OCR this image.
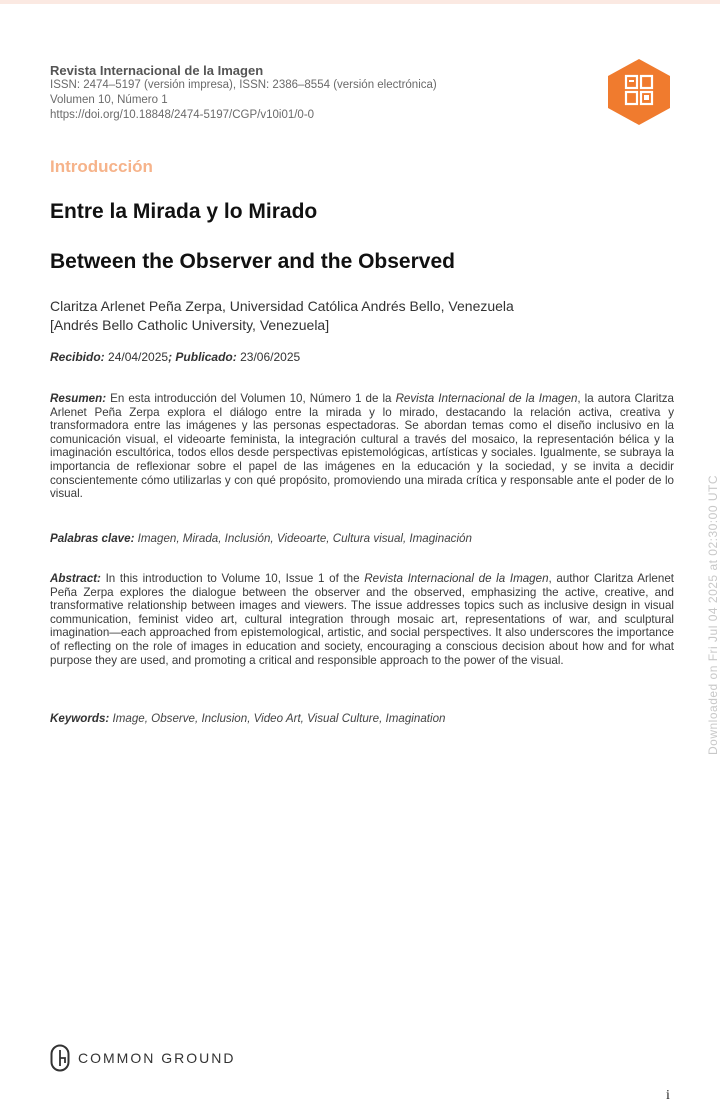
Revista Internacional de la Imagen
ISSN: 2474–5197 (versión impresa), ISSN: 2386–8554 (versión electrónica)
Volumen 10, Número 1
https://doi.org/10.18848/2474-5197/CGP/v10i01/0-0
Introducción
Entre la Mirada y lo Mirado
Between the Observer and the Observed
Claritza Arlenet Peña Zerpa, Universidad Católica Andrés Bello, Venezuela
[Andrés Bello Catholic University, Venezuela]
Recibido: 24/04/2025; Publicado: 23/06/2025
Resumen: En esta introducción del Volumen 10, Número 1 de la Revista Internacional de la Imagen, la autora Claritza Arlenet Peña Zerpa explora el diálogo entre la mirada y lo mirado, destacando la relación activa, creativa y transformadora entre las imágenes y las personas espectadoras. Se abordan temas como el diseño inclusivo en la comunicación visual, el videoarte feminista, la integración cultural a través del mosaico, la representación bélica y la imaginación escultórica, todos ellos desde perspectivas epistemológicas, artísticas y sociales. Igualmente, se subraya la importancia de reflexionar sobre el papel de las imágenes en la educación y la sociedad, y se invita a decidir conscientemente cómo utilizarlas y con qué propósito, promoviendo una mirada crítica y responsable ante el poder de lo visual.
Palabras clave: Imagen, Mirada, Inclusión, Videoarte, Cultura visual, Imaginación
Abstract: In this introduction to Volume 10, Issue 1 of the Revista Internacional de la Imagen, author Claritza Arlenet Peña Zerpa explores the dialogue between the observer and the observed, emphasizing the active, creative, and transformative relationship between images and viewers. The issue addresses topics such as inclusive design in visual communication, feminist video art, cultural integration through mosaic art, representations of war, and sculptural imagination—each approached from epistemological, artistic, and social perspectives. It also underscores the importance of reflecting on the role of images in education and society, encouraging a conscious decision about how and for what purpose they are used, and promoting a critical and responsible approach to the power of the visual.
Keywords: Image, Observe, Inclusion, Video Art, Visual Culture, Imagination	Downloaded on Fri Jul 04 2025 at 02:30:00 UTC
COMMON GROUND
i
